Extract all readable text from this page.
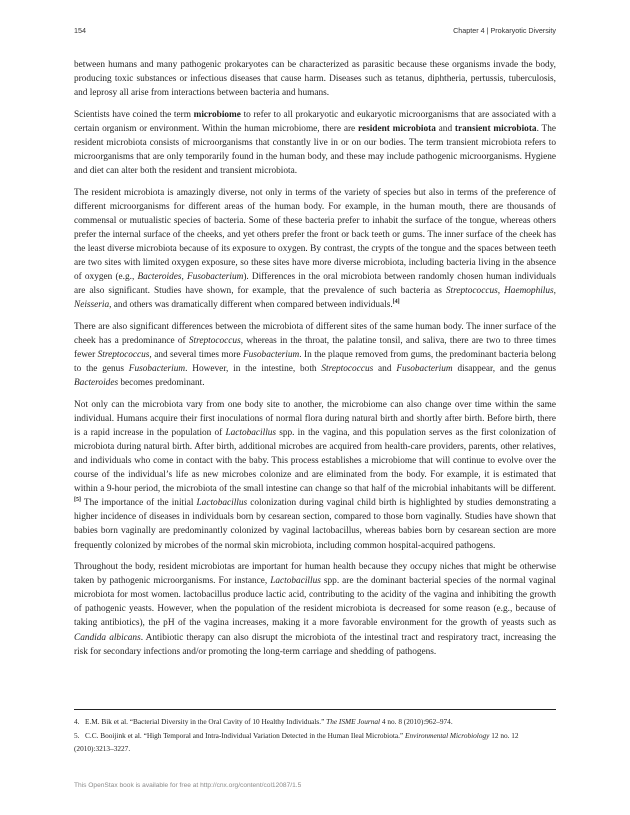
154	Chapter 4 | Prokaryotic Diversity

between humans and many pathogenic prokaryotes can be characterized as parasitic because these organisms invade the body, producing toxic substances or infectious diseases that cause harm. Diseases such as tetanus, diphtheria, pertussis, tuberculosis, and leprosy all arise from interactions between bacteria and humans.

Scientists have coined the term microbiome to refer to all prokaryotic and eukaryotic microorganisms that are associated with a certain organism or environment. Within the human microbiome, there are resident microbiota and transient microbiota. The resident microbiota consists of microorganisms that constantly live in or on our bodies. The term transient microbiota refers to microorganisms that are only temporarily found in the human body, and these may include pathogenic microorganisms. Hygiene and diet can alter both the resident and transient microbiota.

The resident microbiota is amazingly diverse, not only in terms of the variety of species but also in terms of the preference of different microorganisms for different areas of the human body. For example, in the human mouth, there are thousands of commensal or mutualistic species of bacteria. Some of these bacteria prefer to inhabit the surface of the tongue, whereas others prefer the internal surface of the cheeks, and yet others prefer the front or back teeth or gums. The inner surface of the cheek has the least diverse microbiota because of its exposure to oxygen. By contrast, the crypts of the tongue and the spaces between teeth are two sites with limited oxygen exposure, so these sites have more diverse microbiota, including bacteria living in the absence of oxygen (e.g., Bacteroides, Fusobacterium). Differences in the oral microbiota between randomly chosen human individuals are also significant. Studies have shown, for example, that the prevalence of such bacteria as Streptococcus, Haemophilus, Neisseria, and others was dramatically different when compared between individuals.[4]

There are also significant differences between the microbiota of different sites of the same human body. The inner surface of the cheek has a predominance of Streptococcus, whereas in the throat, the palatine tonsil, and saliva, there are two to three times fewer Streptococcus, and several times more Fusobacterium. In the plaque removed from gums, the predominant bacteria belong to the genus Fusobacterium. However, in the intestine, both Streptococcus and Fusobacterium disappear, and the genus Bacteroides becomes predominant.

Not only can the microbiota vary from one body site to another, the microbiome can also change over time within the same individual. Humans acquire their first inoculations of normal flora during natural birth and shortly after birth. Before birth, there is a rapid increase in the population of Lactobacillus spp. in the vagina, and this population serves as the first colonization of microbiota during natural birth. After birth, additional microbes are acquired from health-care providers, parents, other relatives, and individuals who come in contact with the baby. This process establishes a microbiome that will continue to evolve over the course of the individual’s life as new microbes colonize and are eliminated from the body. For example, it is estimated that within a 9-hour period, the microbiota of the small intestine can change so that half of the microbial inhabitants will be different.[5] The importance of the initial Lactobacillus colonization during vaginal child birth is highlighted by studies demonstrating a higher incidence of diseases in individuals born by cesarean section, compared to those born vaginally. Studies have shown that babies born vaginally are predominantly colonized by vaginal lactobacillus, whereas babies born by cesarean section are more frequently colonized by microbes of the normal skin microbiota, including common hospital-acquired pathogens.

Throughout the body, resident microbiotas are important for human health because they occupy niches that might be otherwise taken by pathogenic microorganisms. For instance, Lactobacillus spp. are the dominant bacterial species of the normal vaginal microbiota for most women. lactobacillus produce lactic acid, contributing to the acidity of the vagina and inhibiting the growth of pathogenic yeasts. However, when the population of the resident microbiota is decreased for some reason (e.g., because of taking antibiotics), the pH of the vagina increases, making it a more favorable environment for the growth of yeasts such as Candida albicans. Antibiotic therapy can also disrupt the microbiota of the intestinal tract and respiratory tract, increasing the risk for secondary infections and/or promoting the long-term carriage and shedding of pathogens.

4. E.M. Bik et al. “Bacterial Diversity in the Oral Cavity of 10 Healthy Individuals.” The ISME Journal 4 no. 8 (2010):962–974.
5. C.C. Booijink et al. “High Temporal and Intra-Individual Variation Detected in the Human Ileal Microbiota.” Environmental Microbiology 12 no. 12 (2010):3213–3227.
This OpenStax book is available for free at http://cnx.org/content/col12087/1.5
